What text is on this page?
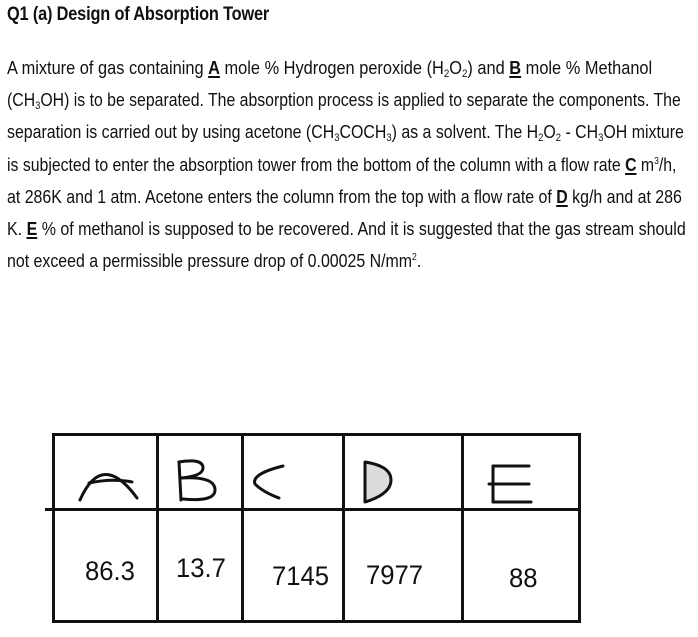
Q1 (a) Design of Absorption Tower
A mixture of gas containing A mole % Hydrogen peroxide $(H_2O_2)$ and B mole % Methanol
$(CH_3OH)$ is to be separated. The absorption process is applied to separate the components. The
separation is carried out by using acetone $(CH_3COCH_3)$ as a solvent. The $H_2O_2 - CH_3OH$ mixture
is subjected to enter the absorption tower from the bottom of the column with a flow rate C $m^3/h$,
at 286K and 1 atm. Acetone enters the column from the top with a flow rate of D kg/h and at 286
K. E % of methanol is supposed to be recovered. And it is suggested that the gas stream should
not exceed a permissible pressure drop of 0.00025 $N/mm^2$.
86.3 13.7 7145 7977	88
